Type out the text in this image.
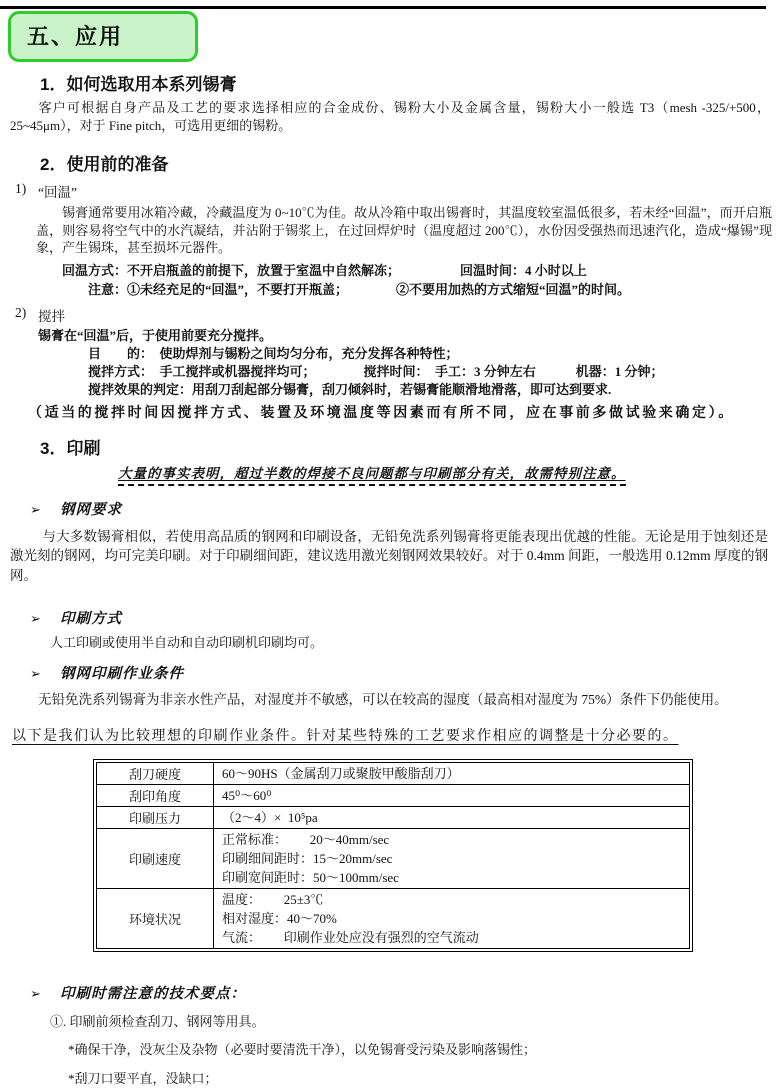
五、应用
1．如何选取用本系列锡膏
客户可根据自身产品及工艺的要求选择相应的合金成份、锡粉大小及金属含量，锡粉大小一般选 T3（mesh -325/+500，25~45μm），对于 Fine pitch，可选用更细的锡粉。
2．使用前的准备
1) “回温”
锡膏通常要用冰箱冷藏，冷藏温度为 0~10℃为佳。故从冷箱中取出锡膏时，其温度较室温低很多，若未经“回温”，而开启瓶盖，则容易将空气中的水汽凝结，并沾附于锡浆上，在过回焊炉时（温度超过 200℃），水份因受强热而迅速汽化，造成“爆锡”现象，产生锡珠，甚至损坏元器件。
回温方式：不开启瓶盖的前提下，放置于室温中自然解冻；	回温时间：4 小时以上
注意：①未经充足的“回温”，不要打开瓶盖；	②不要用加热的方式缩短“回温”的时间。
2) 搅拌
锡膏在“回温”后，于使用前要充分搅拌。
目　　的：　使助焊剂与锡粉之间均匀分布，充分发挥各种特性；
搅拌方式：　手工搅拌或机器搅拌均可；	搅拌时间：　手工：3 分钟左右	机器：1 分钟；
搅拌效果的判定：用刮刀刮起部分锡膏，刮刀倾斜时，若锡膏能顺滑地滑落，即可达到要求.
（适当的搅拌时间因搅拌方式、装置及环境温度等因素而有所不同，应在事前多做试验来确定）。
3．印刷
大量的事实表明，超过半数的焊接不良问题都与印刷部分有关，故需特别注意。
➢	钢网要求
与大多数锡膏相似，若使用高品质的钢网和印刷设备，无铅免洗系列锡膏将更能表现出优越的性能。无论是用于蚀刻还是激光刻的钢网，均可完美印刷。对于印刷细间距，建议选用激光刻钢网效果较好。对于 0.4mm 间距，一般选用 0.12mm 厚度的钢网。
➢	印刷方式
人工印刷或使用半自动和自动印刷机印刷均可。
➢	钢网印刷作业条件
无铅免洗系列锡膏为非亲水性产品，对湿度并不敏感，可以在较高的湿度（最高相对湿度为 75%）条件下仍能使用。
以下是我们认为比较理想的印刷作业条件。针对某些特殊的工艺要求作相应的调整是十分必要的。
刮刀硬度	60～90HS（金属刮刀或聚胺甲酸脂刮刀）

刮印角度	45⁰～60⁰

印刷压力	（2～4）×  10⁵pa

印刷速度	正常标准：　　 20～40mm/sec
印刷细间距时：15～20mm/sec
印刷宽间距时：50～100mm/sec

环境状况	温度：　　 25±3℃
相对湿度：40～70%
气流：　　 印刷作业处应没有强烈的空气流动
➢	印刷时需注意的技术要点：
①. 印刷前须检查刮刀、钢网等用具。
*确保干净，没灰尘及杂物（必要时要清洗干净），以免锡膏受污染及影响落锡性；
*刮刀口要平直，没缺口；
